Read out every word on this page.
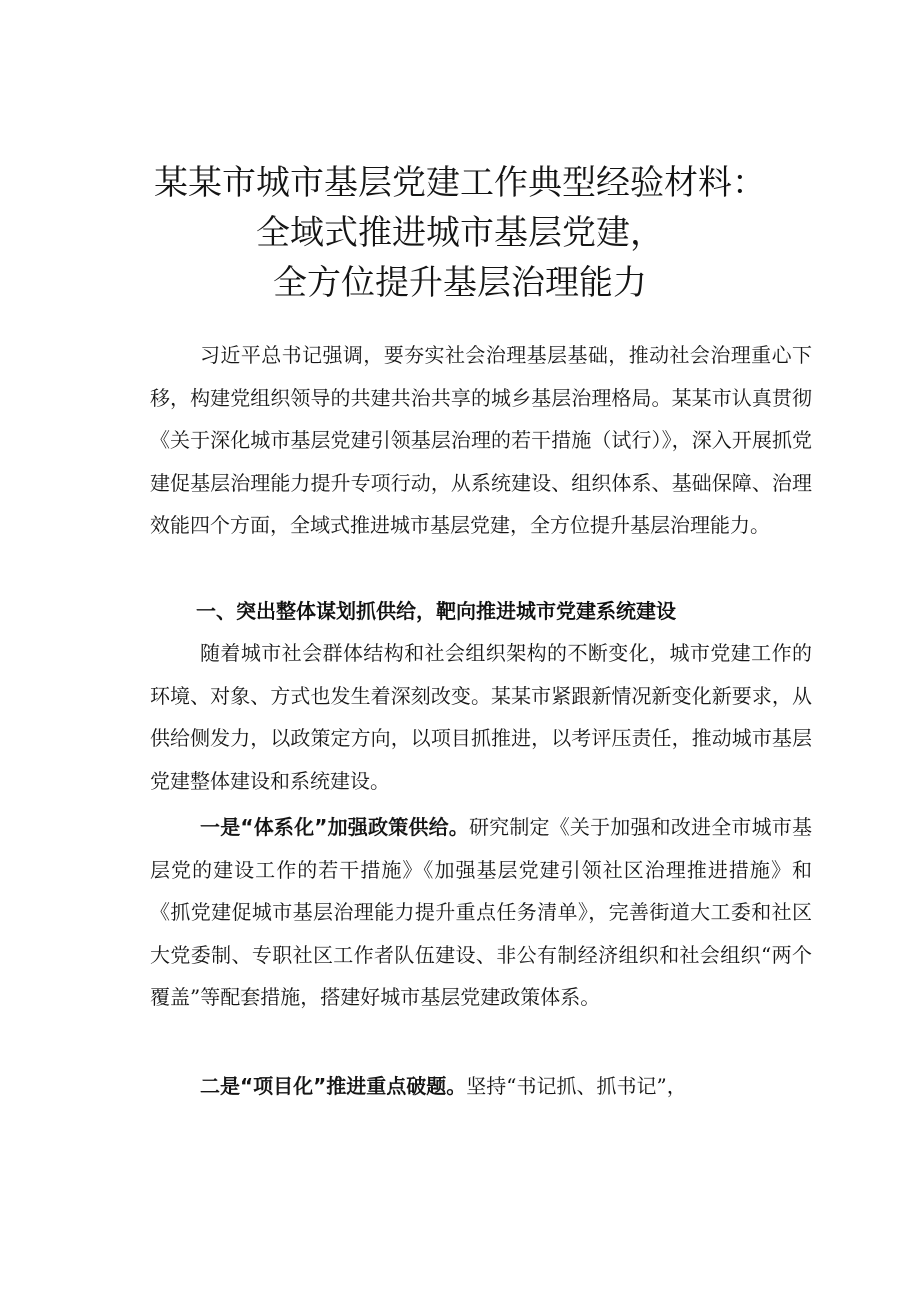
某某市城市基层党建工作典型经验材料：
全域式推进城市基层党建，
全方位提升基层治理能力
习近平总书记强调，要夯实社会治理基层基础，推动社会治理重心下移，构建党组织领导的共建共治共享的城乡基层治理格局。某某市认真贯彻《关于深化城市基层党建引领基层治理的若干措施（试行）》，深入开展抓党建促基层治理能力提升专项行动，从系统建设、组织体系、基础保障、治理效能四个方面，全域式推进城市基层党建，全方位提升基层治理能力。
一、突出整体谋划抓供给，靶向推进城市党建系统建设
随着城市社会群体结构和社会组织架构的不断变化，城市党建工作的环境、对象、方式也发生着深刻改变。某某市紧跟新情况新变化新要求，从供给侧发力，以政策定方向，以项目抓推进，以考评压责任，推动城市基层党建整体建设和系统建设。
一是“体系化”加强政策供给。研究制定《关于加强和改进全市城市基层党的建设工作的若干措施》《加强基层党建引领社区治理推进措施》和《抓党建促城市基层治理能力提升重点任务清单》，完善街道大工委和社区大党委制、专职社区工作者队伍建设、非公有制经济组织和社会组织“两个覆盖”等配套措施，搭建好城市基层党建政策体系。
二是“项目化”推进重点破题。坚持“书记抓、抓书记”，
